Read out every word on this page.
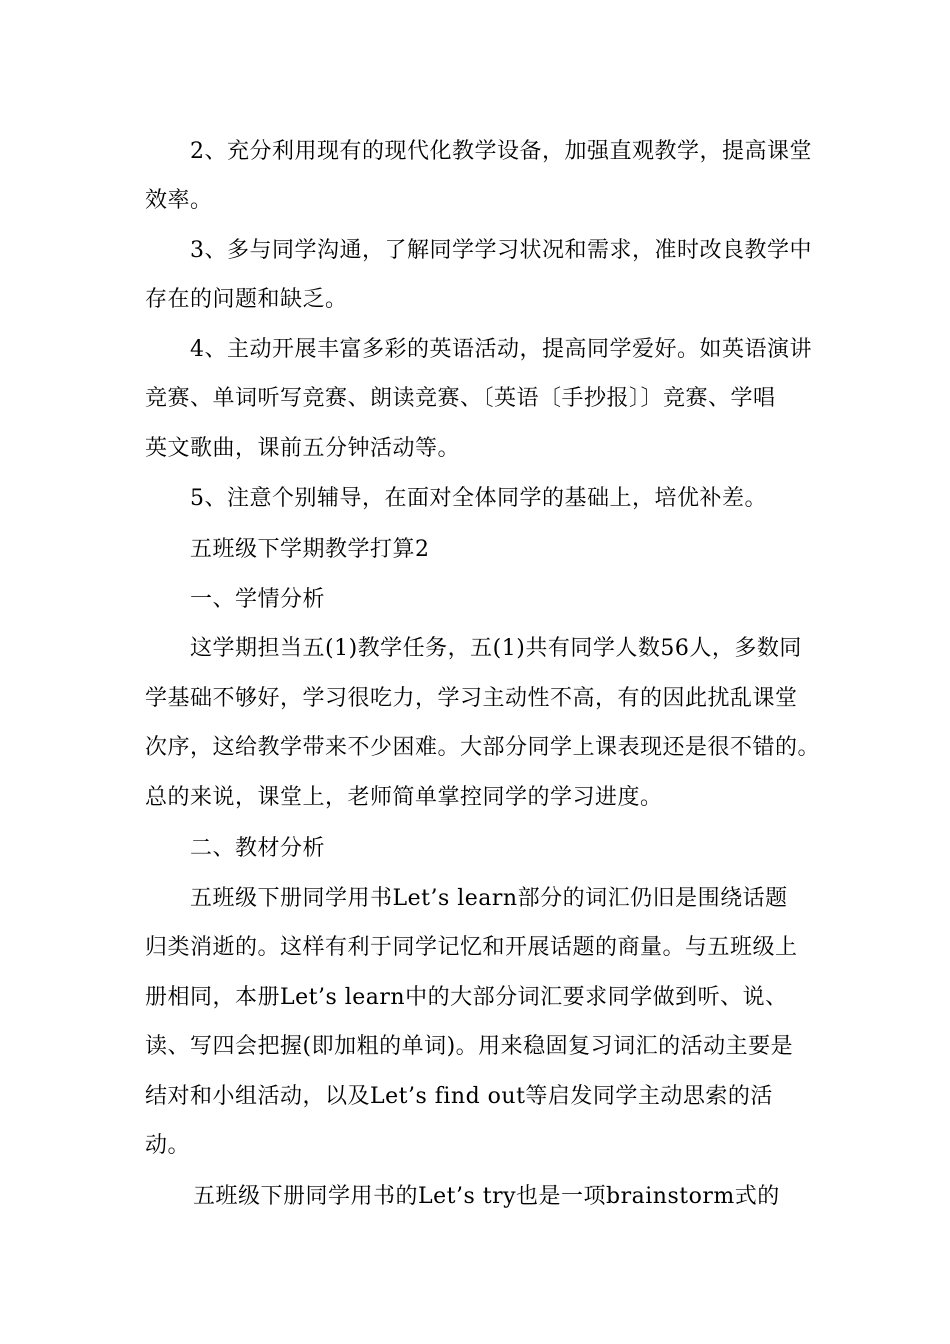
2、充分利用现有的现代化教学设备，加强直观教学，提高课堂
效率。
3、多与同学沟通，了解同学学习状况和需求，准时改良教学中
存在的问题和缺乏。
4、主动开展丰富多彩的英语活动，提高同学爱好。如英语演讲
竞赛、单词听写竞赛、朗读竞赛、〔英语〔手抄报〕〕竞赛、学唱
英文歌曲，课前五分钟活动等。
5、注意个别辅导，在面对全体同学的基础上，培优补差。
五班级下学期教学打算2
一、学情分析
这学期担当五(1)教学任务，五(1)共有同学人数56人，多数同
学基础不够好，学习很吃力，学习主动性不高，有的因此扰乱课堂
次序，这给教学带来不少困难。大部分同学上课表现还是很不错的。
总的来说，课堂上，老师简单掌控同学的学习进度。
二、教材分析
五班级下册同学用书Let’s learn部分的词汇仍旧是围绕话题
归类消逝的。这样有利于同学记忆和开展话题的商量。与五班级上
册相同，本册Let’s learn中的大部分词汇要求同学做到听、说、
读、写四会把握(即加粗的单词)。用来稳固复习词汇的活动主要是
结对和小组活动，以及Let’s find out等启发同学主动思索的活
动。
五班级下册同学用书的Let’s try也是一项brainstorm式的
